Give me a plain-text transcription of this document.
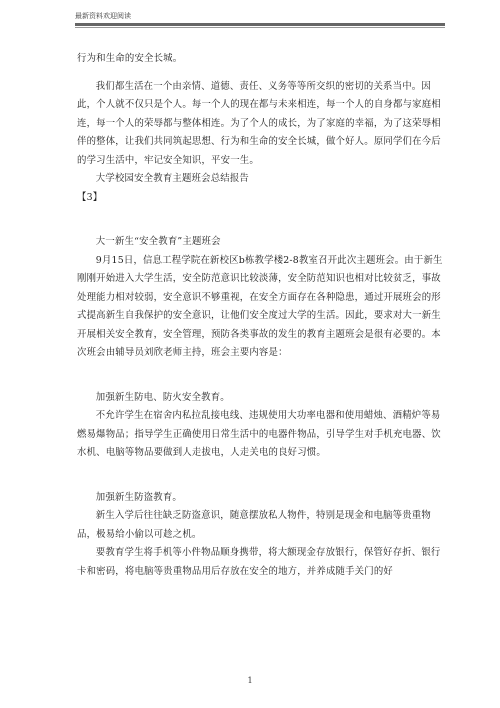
最新资料欢迎阅读

行为和生命的安全长城。

我们都生活在一个由亲情、道德、责任、义务等等所交织的密切的关系当中。因此，个人就不仅只是个人。每一个人的现在都与未来相连，每一个人的自身都与家庭相连，每一个人的荣辱都与整体相连。为了个人的成长，为了家庭的幸福，为了这荣辱相伴的整体，让我们共同筑起思想、行为和生命的安全长城，做个好人。原同学们在今后的学习生活中，牢记安全知识，平安一生。

大学校园安全教育主题班会总结报告

【3】

大一新生“安全教育”主题班会

9月15日，信息工程学院在新校区b栋教学楼2-8教室召开此次主题班会。由于新生刚刚开始进入大学生活，安全防范意识比较淡薄，安全防范知识也相对比较贫乏，事故处理能力相对较弱，安全意识不够重视，在安全方面存在各种隐患，通过开展班会的形式提高新生自我保护的安全意识，让他们安全度过大学的生活。因此，要求对大一新生开展相关安全教育，安全管理，预防各类事故的发生的教育主题班会是很有必要的。本次班会由辅导员刘欣老师主持，班会主要内容是：

加强新生防电、防火安全教育。

不允许学生在宿舍内私拉乱接电线、违规使用大功率电器和使用蜡烛、酒精炉等易燃易爆物品；指导学生正确使用日常生活中的电器件物品，引导学生对手机充电器、饮水机、电脑等物品要做到人走拔电，人走关电的良好习惯。

加强新生防盗教育。

新生入学后往往缺乏防盗意识，随意摆放私人物件，特别是现金和电脑等贵重物品，极易给小偷以可趁之机。

要教育学生将手机等小件物品顺身携带，将大额现金存放银行，保管好存折、银行卡和密码，将电脑等贵重物品用后存放在安全的地方，并养成随手关门的好

1
